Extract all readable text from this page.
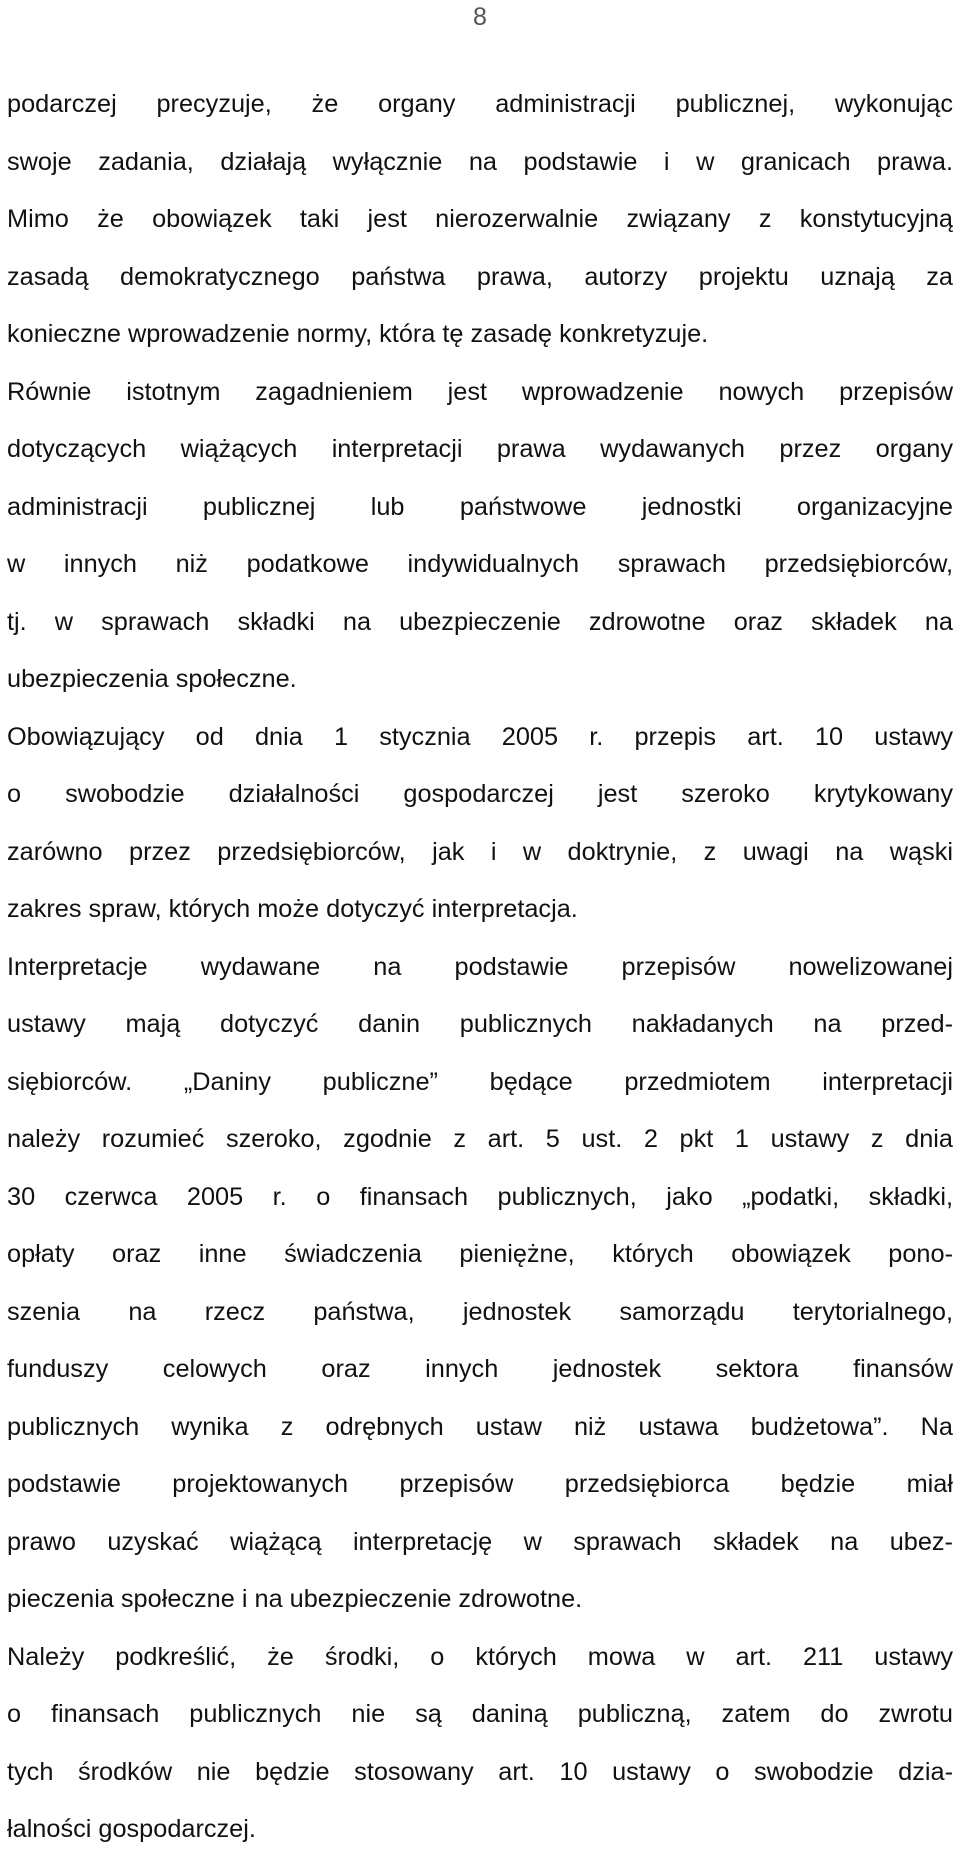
8
podarczej precyzuje, że organy administracji publicznej, wykonując
swoje zadania, działają wyłącznie na podstawie i w granicach prawa.
Mimo że obowiązek taki jest nierozerwalnie związany z konstytucyjną
zasadą demokratycznego państwa prawa, autorzy projektu uznają za
konieczne wprowadzenie normy, która tę zasadę konkretyzuje.
Równie istotnym zagadnieniem jest wprowadzenie nowych przepisów
dotyczących wiążących interpretacji prawa wydawanych przez organy
administracji publicznej lub państwowe jednostki organizacyjne
w innych niż podatkowe indywidualnych sprawach przedsiębiorców,
tj. w sprawach składki na ubezpieczenie zdrowotne oraz składek na
ubezpieczenia społeczne.
Obowiązujący od dnia 1 stycznia 2005 r. przepis art. 10 ustawy
o swobodzie działalności gospodarczej jest szeroko krytykowany
zarówno przez przedsiębiorców, jak i w doktrynie, z uwagi na wąski
zakres spraw, których może dotyczyć interpretacja.
Interpretacje wydawane na podstawie przepisów nowelizowanej
ustawy mają dotyczyć danin publicznych nakładanych na przed-
siębiorców. „Daniny publiczne” będące przedmiotem interpretacji
należy rozumieć szeroko, zgodnie z art. 5 ust. 2 pkt 1 ustawy z dnia
30 czerwca 2005 r. o finansach publicznych, jako „podatki, składki,
opłaty oraz inne świadczenia pieniężne, których obowiązek pono-
szenia na rzecz państwa, jednostek samorządu terytorialnego,
funduszy celowych oraz innych jednostek sektora finansów
publicznych wynika z odrębnych ustaw niż ustawa budżetowa”. Na
podstawie projektowanych przepisów przedsiębiorca będzie miał
prawo uzyskać wiążącą interpretację w sprawach składek na ubez-
pieczenia społeczne i na ubezpieczenie zdrowotne.
Należy podkreślić, że środki, o których mowa w art. 211 ustawy
o finansach publicznych nie są daniną publiczną, zatem do zwrotu
tych środków nie będzie stosowany art. 10 ustawy o swobodzie dzia-
łalności gospodarczej.
